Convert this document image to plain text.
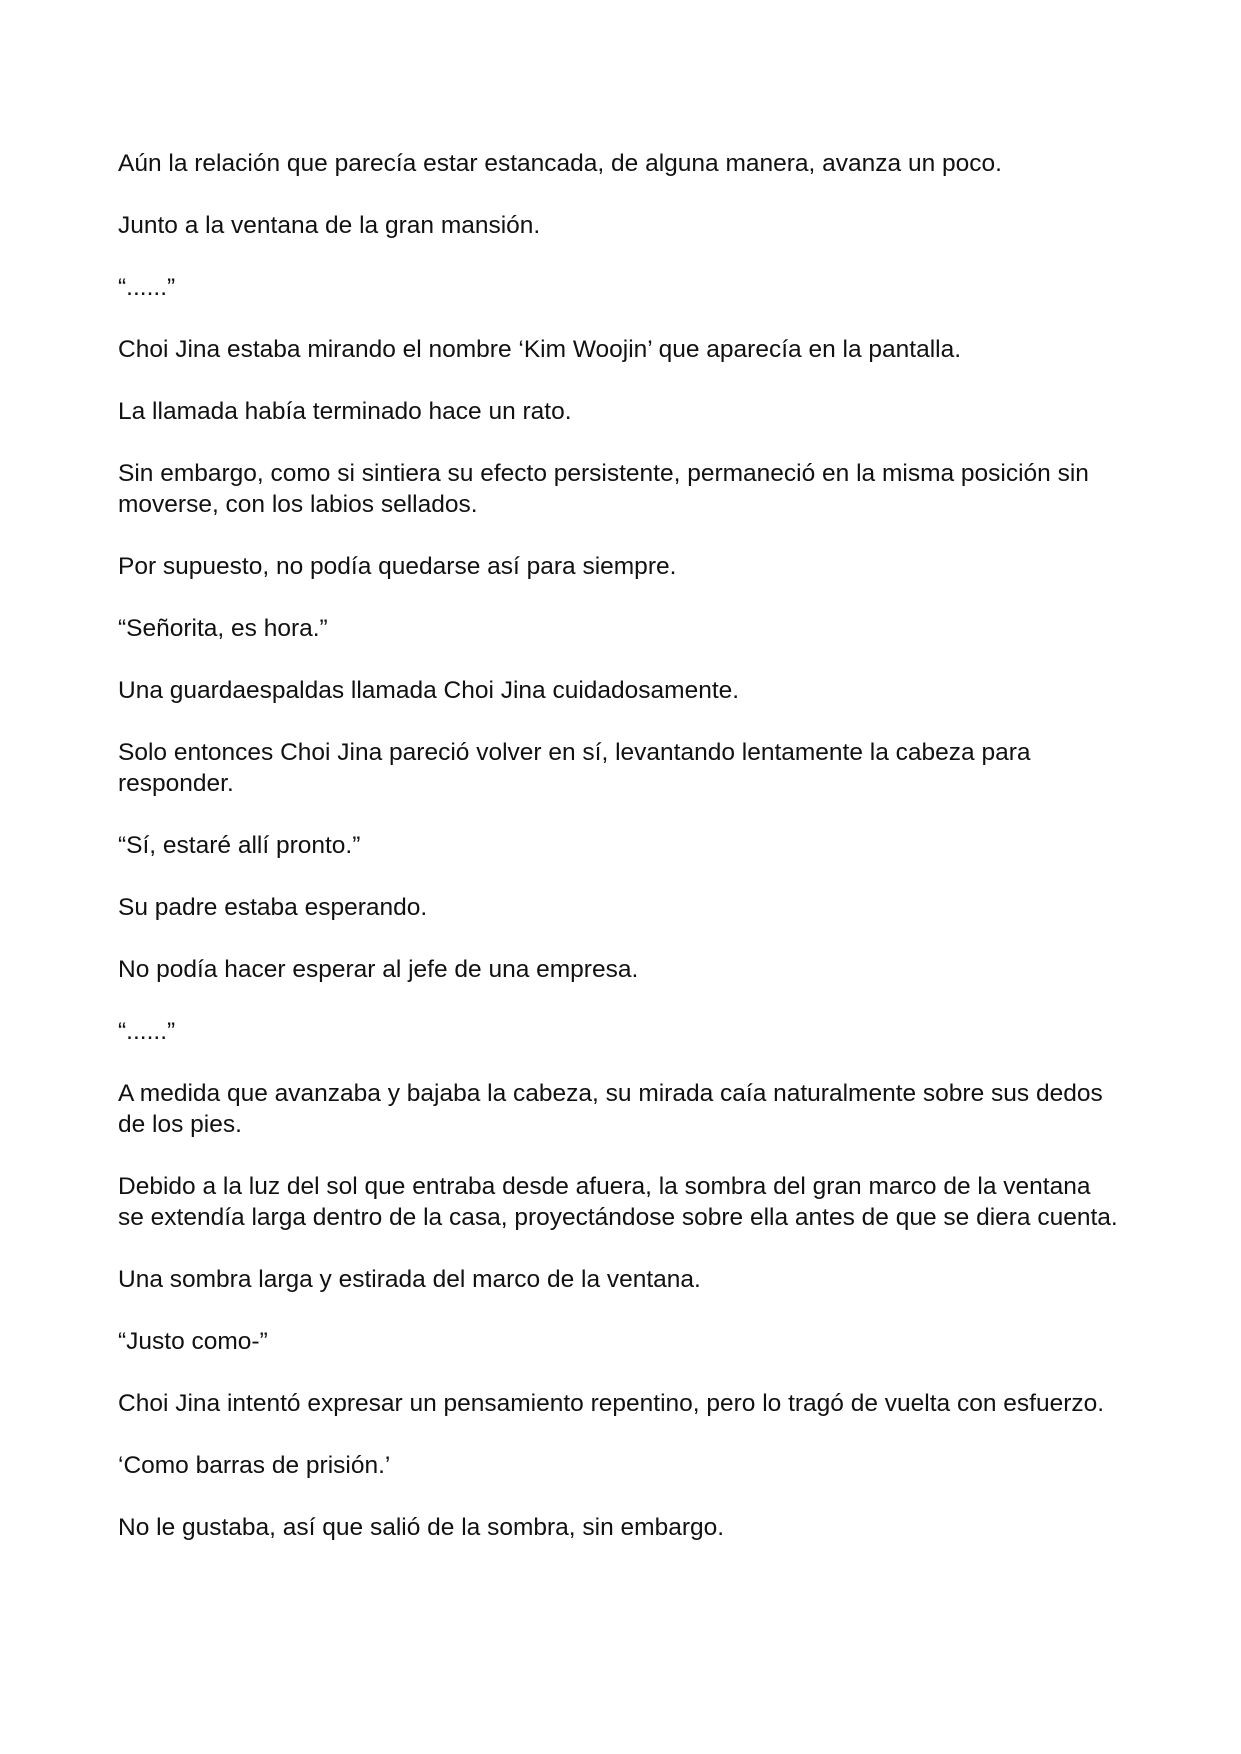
Aún la relación que parecía estar estancada, de alguna manera, avanza un poco.

Junto a la ventana de la gran mansión.

“......”

Choi Jina estaba mirando el nombre ‘Kim Woojin’ que aparecía en la pantalla.

La llamada había terminado hace un rato.

Sin embargo, como si sintiera su efecto persistente, permaneció en la misma posición sin moverse, con los labios sellados.

Por supuesto, no podía quedarse así para siempre.

“Señorita, es hora.”

Una guardaespaldas llamada Choi Jina cuidadosamente.

Solo entonces Choi Jina pareció volver en sí, levantando lentamente la cabeza para responder.

“Sí, estaré allí pronto.”

Su padre estaba esperando.

No podía hacer esperar al jefe de una empresa.

“......”

A medida que avanzaba y bajaba la cabeza, su mirada caía naturalmente sobre sus dedos de los pies.

Debido a la luz del sol que entraba desde afuera, la sombra del gran marco de la ventana se extendía larga dentro de la casa, proyectándose sobre ella antes de que se diera cuenta.

Una sombra larga y estirada del marco de la ventana.

“Justo como-”

Choi Jina intentó expresar un pensamiento repentino, pero lo tragó de vuelta con esfuerzo.

‘Como barras de prisión.’

No le gustaba, así que salió de la sombra, sin embargo.
